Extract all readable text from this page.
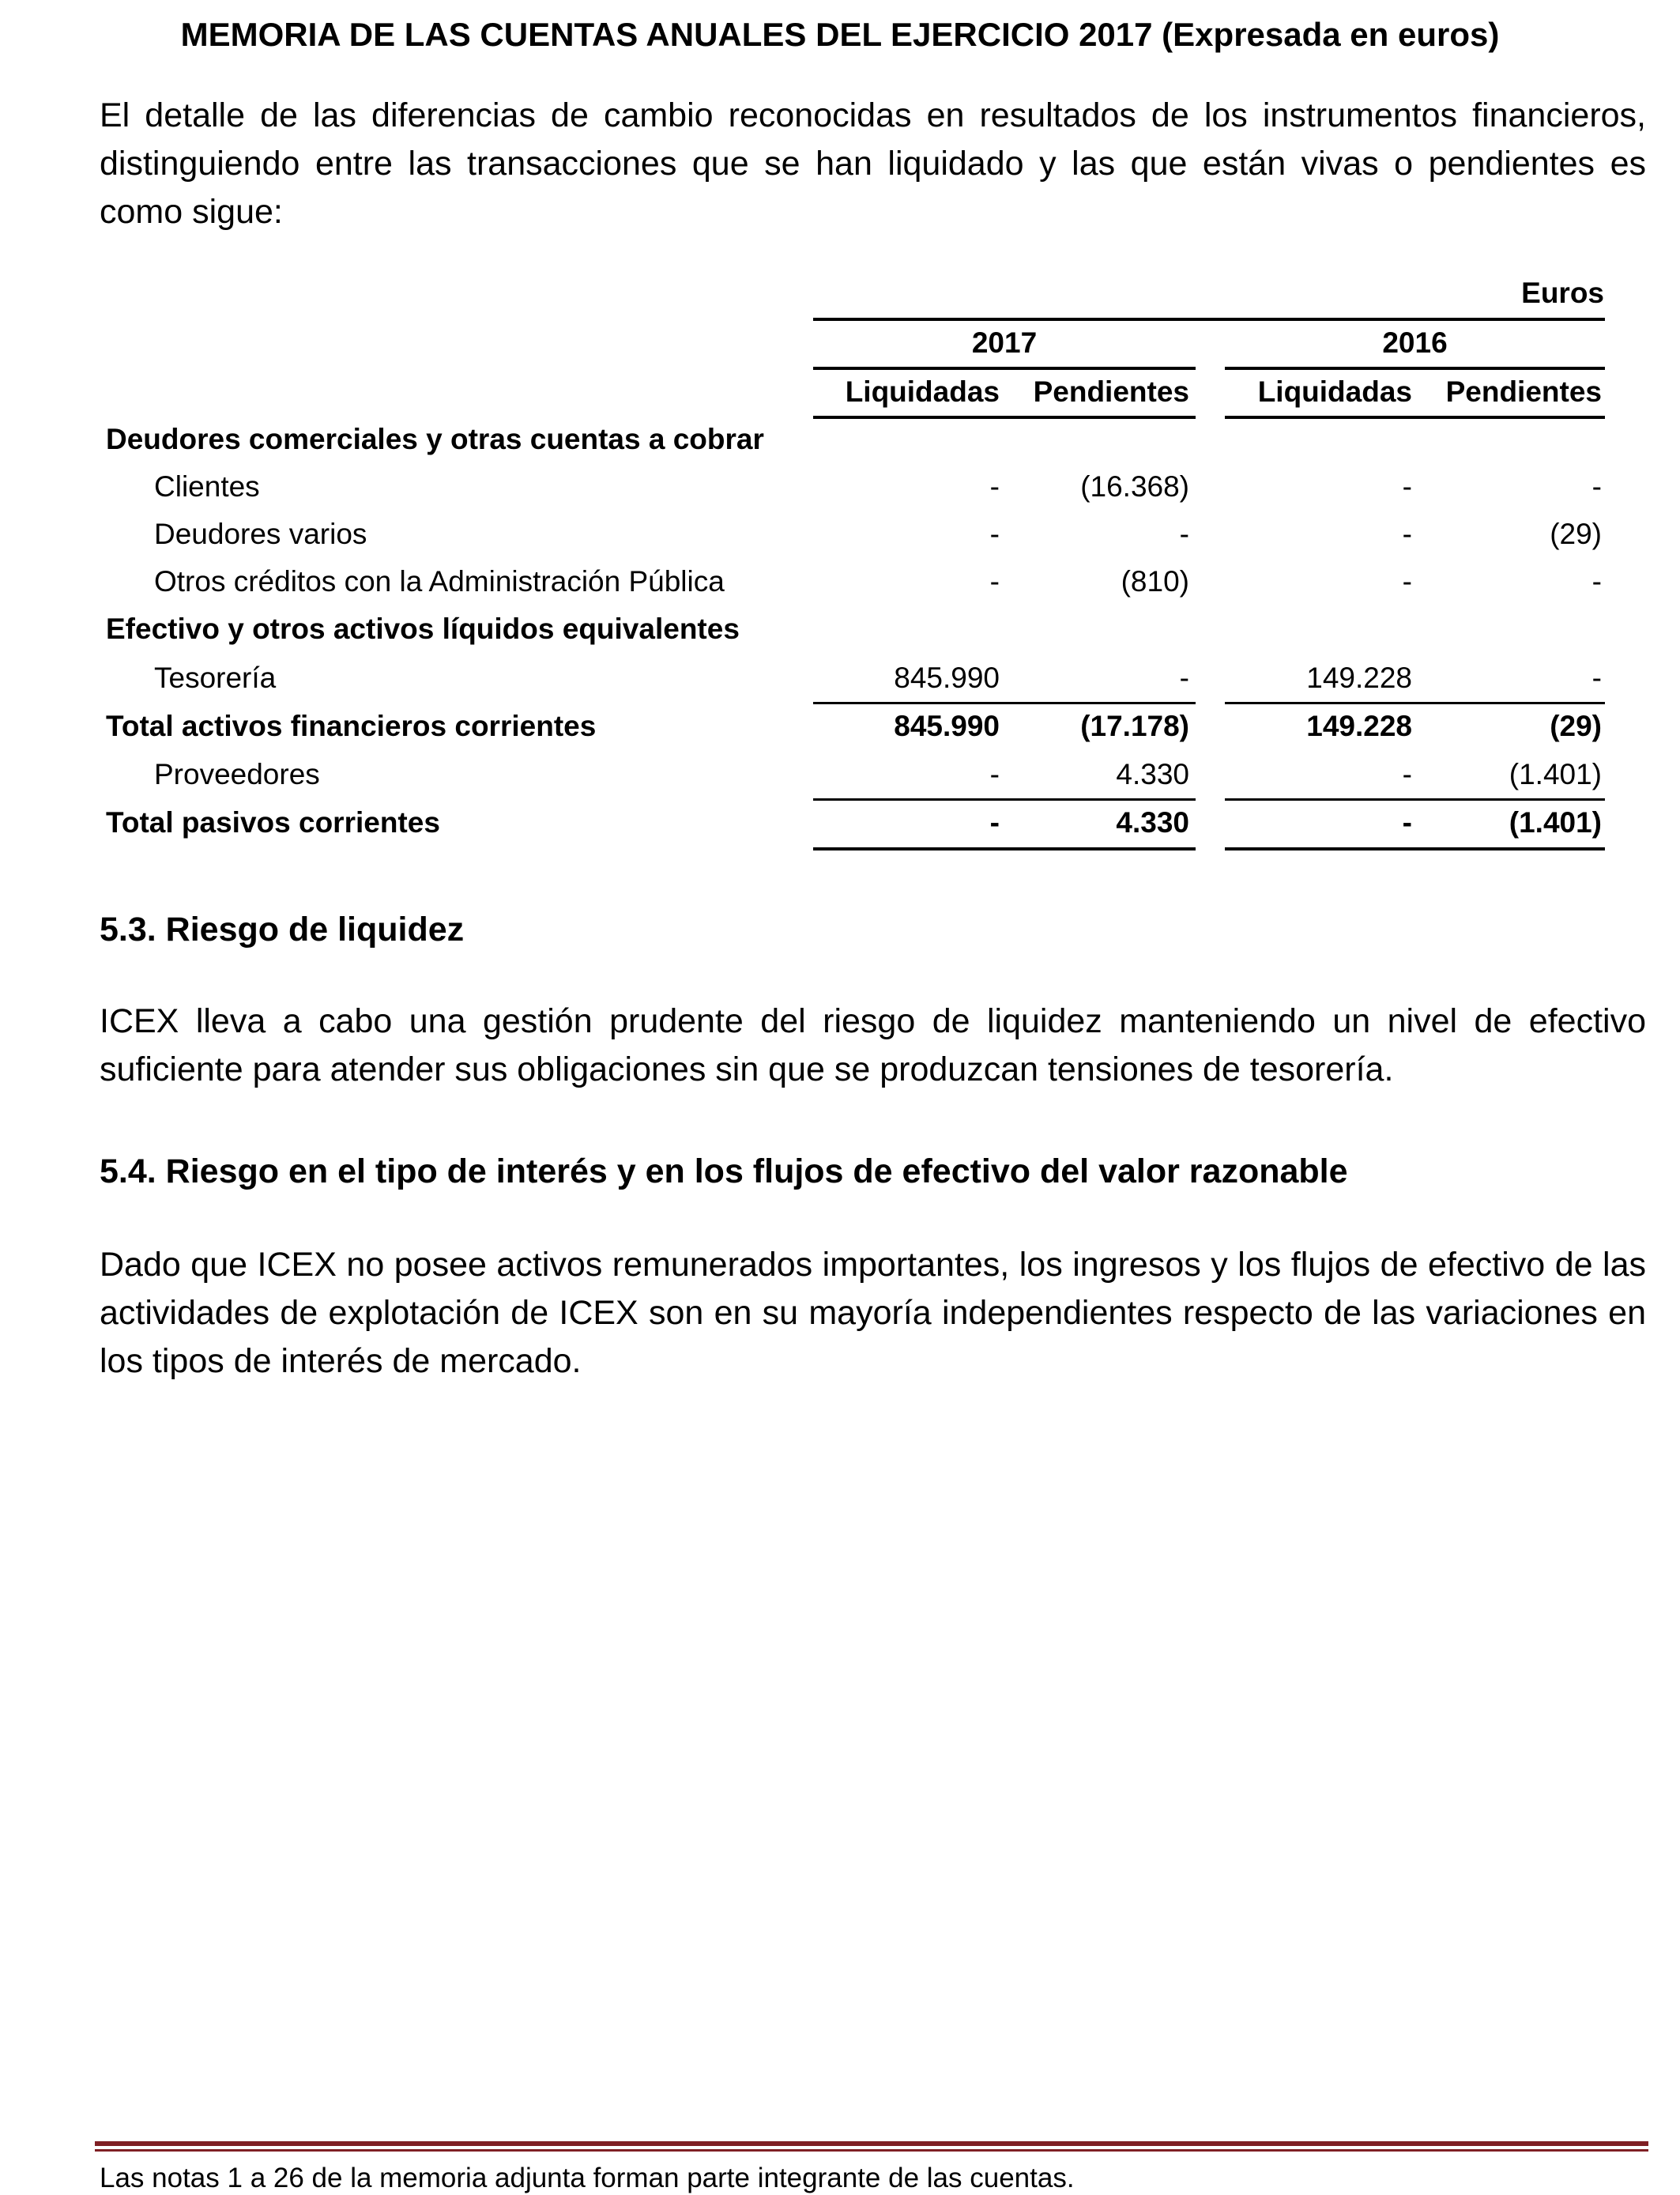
MEMORIA DE LAS CUENTAS ANUALES DEL EJERCICIO 2017 (Expresada en euros)

El detalle de las diferencias de cambio reconocidas en resultados de los instrumentos financieros, distinguiendo entre las transacciones que se han liquidado y las que están vivas o pendientes es como sigue:

Euros
2017	2016
Liquidadas	Pendientes	Liquidadas	Pendientes
Deudores comerciales y otras cuentas a cobrar
Clientes	-	(16.368)	-	-
Deudores varios	-	-	-	(29)
Otros créditos con la Administración Pública	-	(810)	-	-
Efectivo y otros activos líquidos equivalentes
Tesorería	845.990	-	149.228	-
Total activos financieros corrientes	845.990	(17.178)	149.228	(29)
Proveedores	-	4.330	-	(1.401)
Total pasivos corrientes	-	4.330	-	(1.401)
5.3. Riesgo de liquidez

ICEX lleva a cabo una gestión prudente del riesgo de liquidez manteniendo un nivel de efectivo suficiente para atender sus obligaciones sin que se produzcan tensiones de tesorería.

5.4. Riesgo en el tipo de interés y en los flujos de efectivo del valor razonable

Dado que ICEX no posee activos remunerados importantes, los ingresos y los flujos de efectivo de las actividades de explotación de ICEX son en su mayoría independientes respecto de las variaciones en los tipos de interés de mercado.

Las notas 1 a 26 de la memoria adjunta forman parte integrante de las cuentas.
